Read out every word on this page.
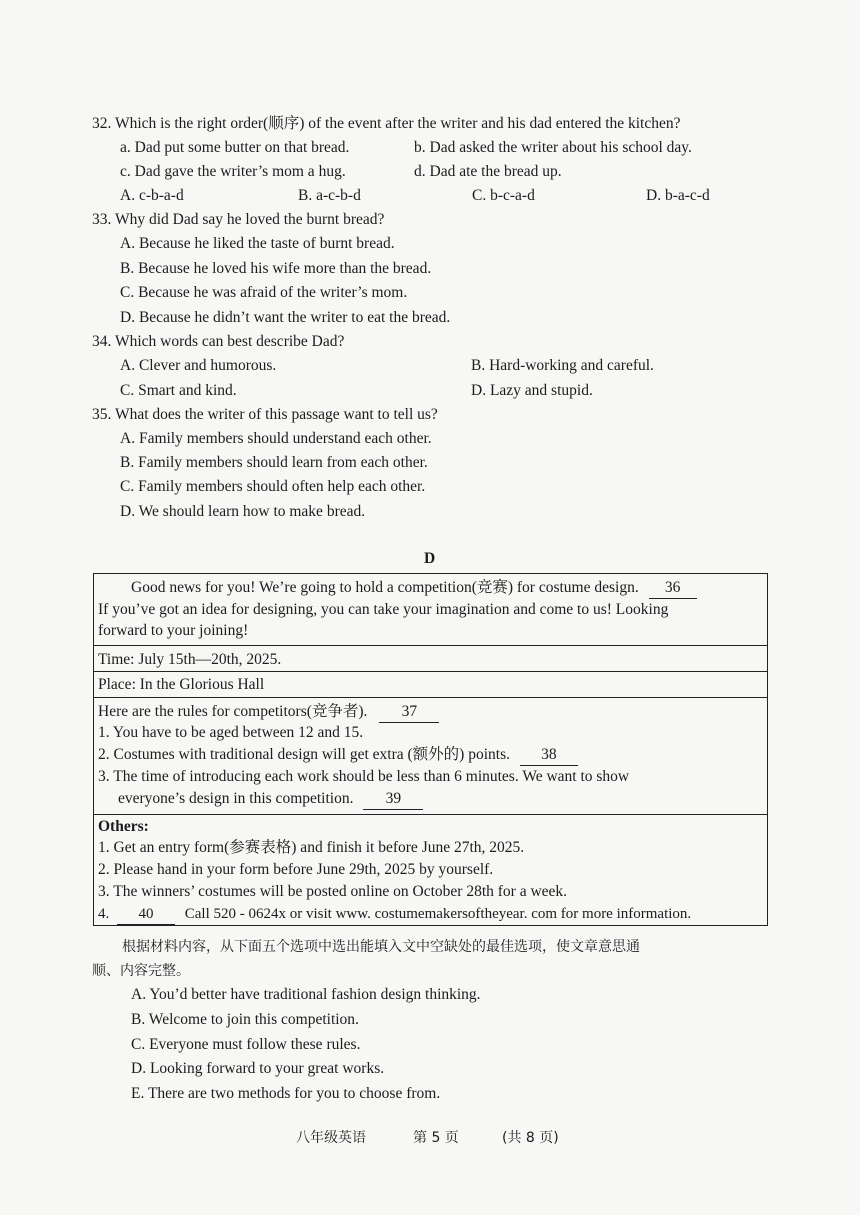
32. Which is the right order(顺序) of the event after the writer and his dad entered the kitchen?
a. Dad put some butter on that bread.	b. Dad asked the writer about his school day.
c. Dad gave the writer’s mom a hug.	d. Dad ate the bread up.
A. c-b-a-d	B. a-c-b-d	C. b-c-a-d	D. b-a-c-d
33. Why did Dad say he loved the burnt bread?
A. Because he liked the taste of burnt bread.
B. Because he loved his wife more than the bread.
C. Because he was afraid of the writer’s mom.
D. Because he didn’t want the writer to eat the bread.
34. Which words can best describe Dad?
A. Clever and humorous.	B. Hard-working and careful.
C. Smart and kind.	D. Lazy and stupid.
35. What does the writer of this passage want to tell us?
A. Family members should understand each other.
B. Family members should learn from each other.
C. Family members should often help each other.
D. We should learn how to make bread.
D
Good news for you! We’re going to hold a competition(竞赛) for costume design. 36
If you’ve got an idea for designing, you can take your imagination and come to us! Looking
forward to your joining!
Time: July 15th—20th, 2025.
Place: In the Glorious Hall
Here are the rules for competitors(竞争者). 37
1. You have to be aged between 12 and 15.
2. Costumes with traditional design will get extra (额外的) points. 38
3. The time of introducing each work should be less than 6 minutes. We want to show
everyone’s design in this competition. 39
Others:
1. Get an entry form(参赛表格) and finish it before June 27th, 2025.
2. Please hand in your form before June 29th, 2025 by yourself.
3. The winners’ costumes will be posted online on October 28th for a week.
4. 40 Call 520 - 0624x or visit www. costumemakersoftheyear. com for more information.
根据材料内容，从下面五个选项中选出能填入文中空缺处的最佳选项，使文章意思通
顺、内容完整。
A. You’d better have traditional fashion design thinking.
B. Welcome to join this competition.
C. Everyone must follow these rules.
D. Looking forward to your great works.
E. There are two methods for you to choose from.
八年级英语	第 5 页	(共 8 页)
